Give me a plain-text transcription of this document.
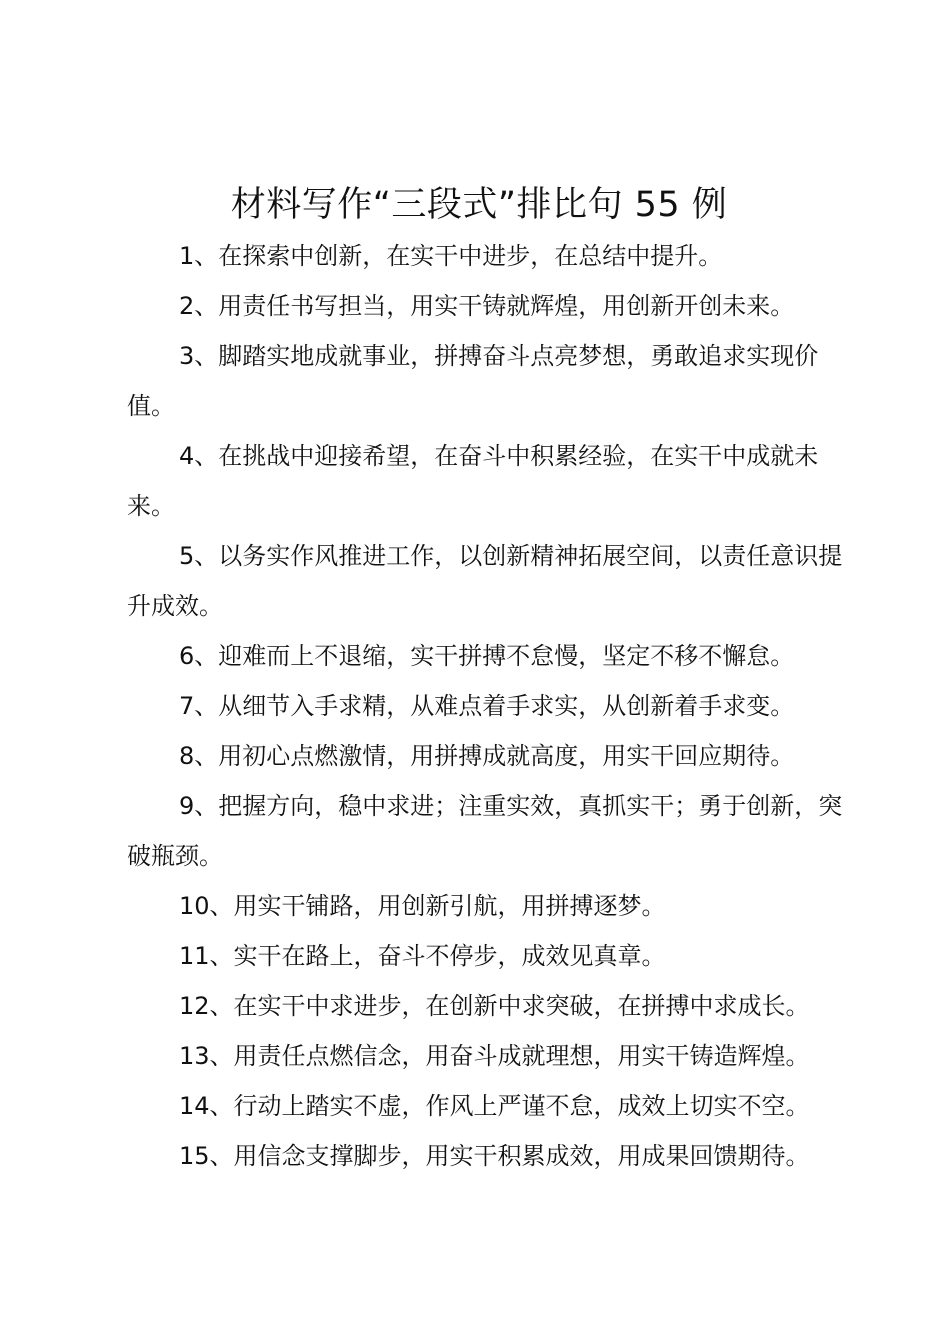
材料写作“三段式”排比句 55 例
1、在探索中创新，在实干中进步，在总结中提升。
2、用责任书写担当，用实干铸就辉煌，用创新开创未来。
3、脚踏实地成就事业，拼搏奋斗点亮梦想，勇敢追求实现价值。
4、在挑战中迎接希望，在奋斗中积累经验，在实干中成就未来。
5、以务实作风推进工作，以创新精神拓展空间，以责任意识提升成效。
6、迎难而上不退缩，实干拼搏不怠慢，坚定不移不懈怠。
7、从细节入手求精，从难点着手求实，从创新着手求变。
8、用初心点燃激情，用拼搏成就高度，用实干回应期待。
9、把握方向，稳中求进；注重实效，真抓实干；勇于创新，突破瓶颈。
10、用实干铺路，用创新引航，用拼搏逐梦。
11、实干在路上，奋斗不停步，成效见真章。
12、在实干中求进步，在创新中求突破，在拼搏中求成长。
13、用责任点燃信念，用奋斗成就理想，用实干铸造辉煌。
14、行动上踏实不虚，作风上严谨不怠，成效上切实不空。
15、用信念支撑脚步，用实干积累成效，用成果回馈期待。
